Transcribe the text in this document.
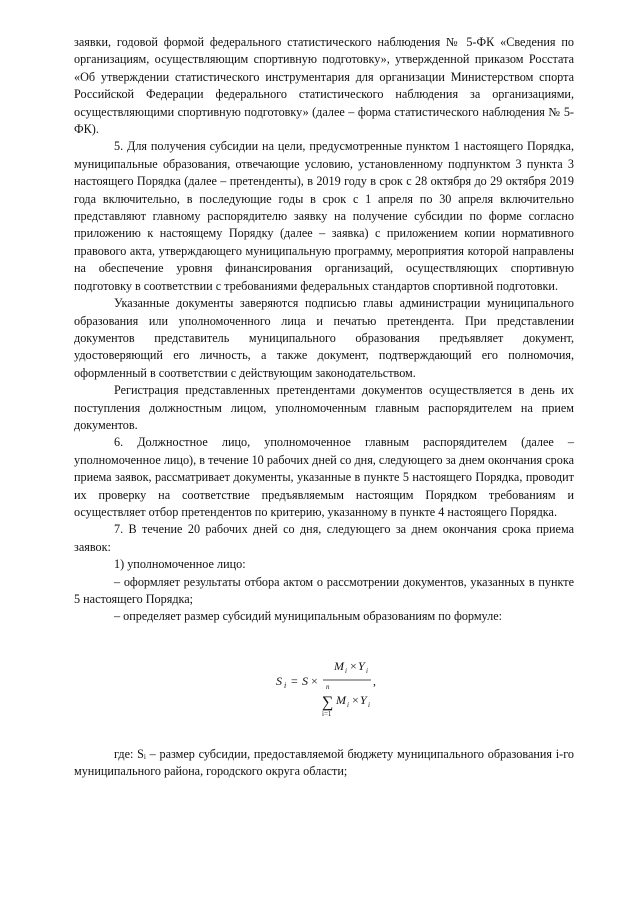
заявки, годовой формой федерального статистического наблюдения № 5-ФК «Сведения по организациям, осуществляющим спортивную подготовку», утвержденной приказом Росстата «Об утверждении статистического инструментария для организации Министерством спорта Российской Федерации федерального статистического наблюдения за организациями, осуществляющими спортивную подготовку» (далее – форма статистического наблюдения № 5-ФК).

5. Для получения субсидии на цели, предусмотренные пунктом 1 настоящего Порядка, муниципальные образования, отвечающие условию, установленному подпунктом 3 пункта 3 настоящего Порядка (далее – претенденты), в 2019 году в срок с 28 октября до 29 октября 2019 года включительно, в последующие годы в срок с 1 апреля по 30 апреля включительно представляют главному распорядителю заявку на получение субсидии по форме согласно приложению к настоящему Порядку (далее – заявка) с приложением копии нормативного правового акта, утверждающего муниципальную программу, мероприятия которой направлены на обеспечение уровня финансирования организаций, осуществляющих спортивную подготовку в соответствии с требованиями федеральных стандартов спортивной подготовки.

Указанные документы заверяются подписью главы администрации муниципального образования или уполномоченного лица и печатью претендента. При представлении документов представитель муниципального образования предъявляет документ, удостоверяющий его личность, а также документ, подтверждающий его полномочия, оформленный в соответствии с действующим законодательством.

Регистрация представленных претендентами документов осуществляется в день их поступления должностным лицом, уполномоченным главным распорядителем на прием документов.

6. Должностное лицо, уполномоченное главным распорядителем (далее – уполномоченное лицо), в течение 10 рабочих дней со дня, следующего за днем окончания срока приема заявок, рассматривает документы, указанные в пункте 5 настоящего Порядка, проводит их проверку на соответствие предъявляемым настоящим Порядком требованиям и осуществляет отбор претендентов по критерию, указанному в пункте 4 настоящего Порядка.

7. В течение 20 рабочих дней со дня, следующего за днем окончания срока приема заявок:

1) уполномоченное лицо:

– оформляет результаты отбора актом о рассмотрении документов, указанных в пункте 5 настоящего Порядка;

– определяет размер субсидий муниципальным образованиям по формуле:

S i = S ×
M i × Y i
,
n
∑
i=1
M i × Y i

где: Sᵢ – размер субсидии, предоставляемой бюджету муниципального образования i-го муниципального района, городского округа области;
